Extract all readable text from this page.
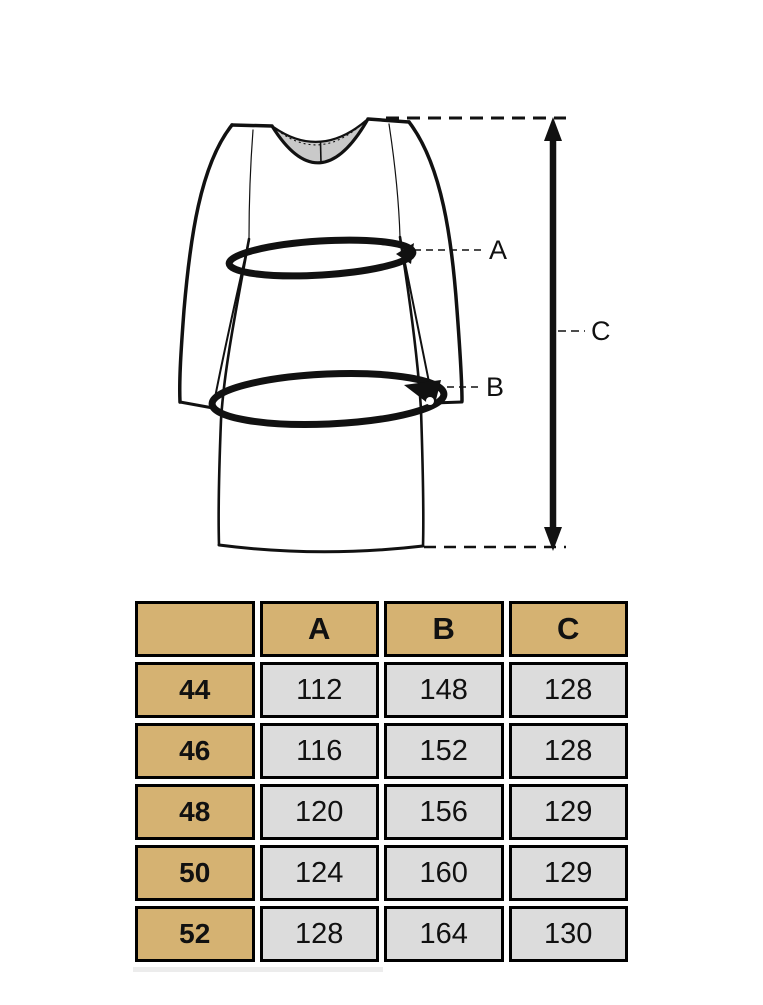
A
B
C
	A	B	C
44	112	148	128
46	116	152	128
48	120	156	129
50	124	160	129
52	128	164	130
